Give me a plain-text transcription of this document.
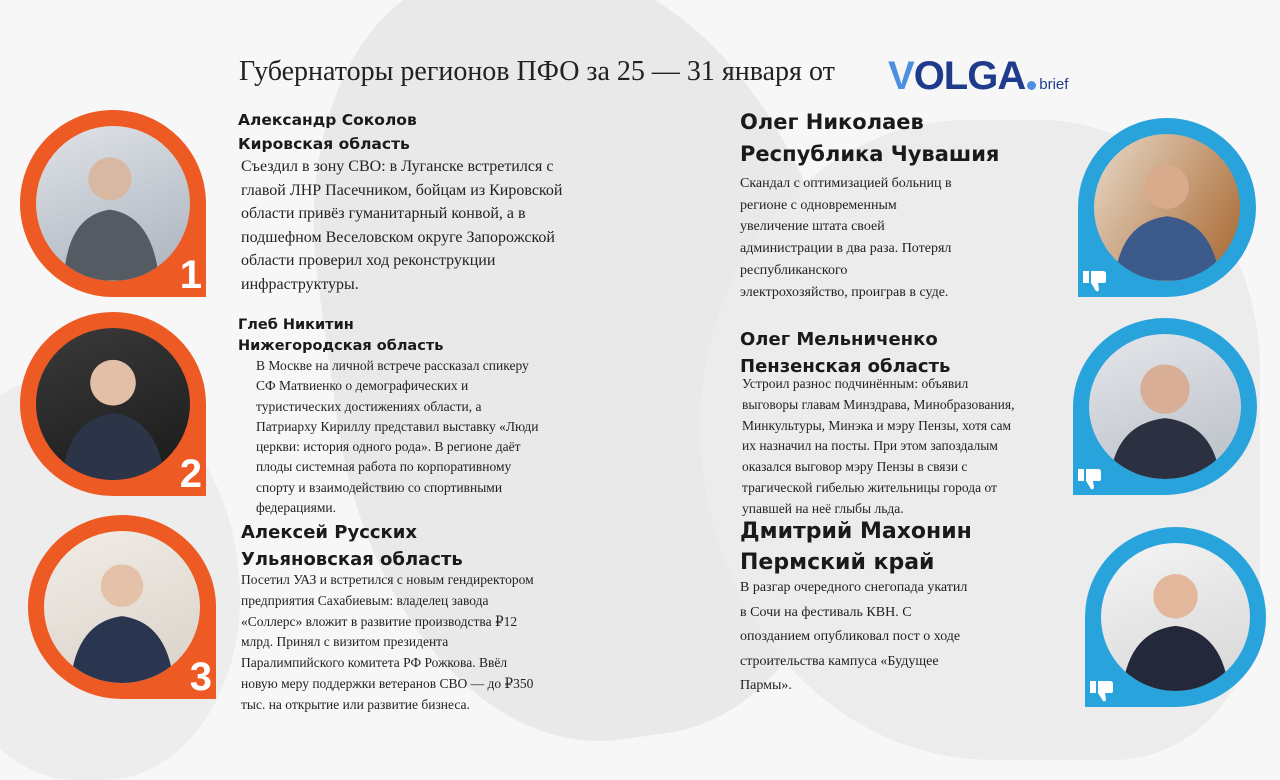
Губернаторы регионов ПФО за 25 — 31 января от VOLGA brief
1
Александр Соколов
Кировская область
Съездил в зону СВО: в Луганске встретился с
главой ЛНР Пасечником, бойцам из Кировской
области привёз гуманитарный конвой, а в
подшефном Веселовском округе Запорожской
области проверил ход реконструкции
инфраструктуры.
2
Глеб Никитин
Нижегородская область
В Москве на личной встрече рассказал спикеру
СФ Матвиенко о демографических и
туристических достижениях области, а
Патриарху Кириллу представил выставку «Люди
церкви: история одного рода». В регионе даёт
плоды системная работа по корпоративному
спорту и взаимодействию со спортивными
федерациями.
3
Алексей Русских
Ульяновская область
Посетил УАЗ и встретился с новым гендиректором
предприятия Сахабиевым: владелец завода
«Соллерс» вложит в развитие производства ₽12
млрд. Принял с визитом президента
Паралимпийского комитета РФ Рожкова. Ввёл
новую меру поддержки ветеранов СВО — до ₽350
тыс. на открытие или развитие бизнеса.
Олег Николаев
Республика Чувашия
Скандал с оптимизацией больниц в
регионе с одновременным
увеличение штата своей
администрации в два раза. Потерял
республиканского
электрохозяйство, проиграв в суде.
Олег Мельниченко
Пензенская область
Устроил разнос подчинённым: объявил
выговоры главам Минздрава, Минобразования,
Минкультуры, Минэка и мэру Пензы, хотя сам
их назначил на посты. При этом запоздалым
оказался выговор мэру Пензы в связи с
трагической гибелью жительницы города от
упавшей на неё глыбы льда.
Дмитрий Махонин
Пермский край
В разгар очередного снегопада укатил
в Сочи на фестиваль КВН. С
опозданием опубликовал пост о ходе
строительства кампуса «Будущее
Пармы».
